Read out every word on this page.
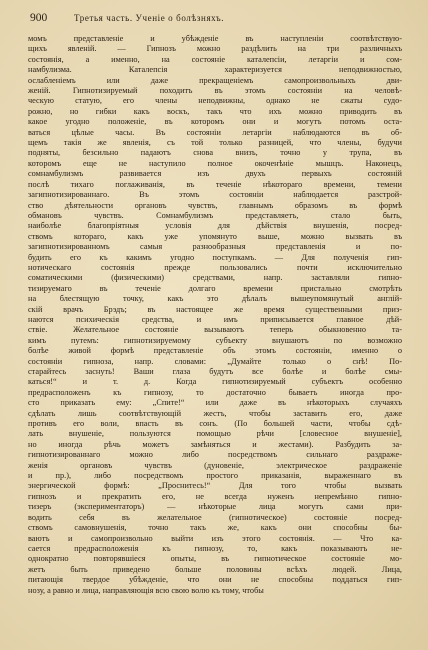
900	Третья часть. Ученіе о болѣзняхъ.
момъ представленіе и убѣжденіе въ наступленіи соотвѣтствую-
щихъ явленій. — Гипнозъ можно раздѣлить на три различныхъ
состоянія, а именно, на состояніе каталепсіи, летаргіи и сом-
намбулизма. Каталепсія характеризуется неподвижностью,
ослабленіемъ или даже прекращеніемъ самопроизвольныхъ дви-
женій. Гипнотизируемый походитъ въ этомъ состояніи на человѣ-
ческую статую, его члены неподвижны, однако не сжаты судо-
рожно, но гибки какъ воскъ, такъ что ихъ можно приводить въ
какое угодно положеніе, въ которомъ они и могутъ потомъ оста-
ваться цѣлые часы. Въ состояніи летаргіи наблюдаются въ об-
щемъ такія же явленія, съ той только разницей, что члены, будучи
подняты, безсильно падаютъ снова внизъ, точно у трупа, въ
которомъ еще не наступило полное окоченѣніе мышцъ. Наконецъ,
сомнамбулизмъ развивается изъ двухъ первыхъ состояній
послѣ тихаго поглаживанія, въ теченіе нѣкотораго времени, темени
загипнотизированнаго. Въ этомъ состояніи наблюдается разстрой-
ство дѣятельности органовъ чувствъ, главнымъ образомъ въ формѣ
обмановъ чувствъ. Сомнамбулизмъ представляетъ, стало быть,
наиболѣе благопріятныя условія для дѣйствія внушенія, посред-
ствомъ котораго, какъ уже упомянуто выше, можно вызвать въ
загипнотизированномъ самыя разнообразныя представленія и по-
будить его къ какимъ угодно поступкамъ. — Для полученія гип-
нотическаго состоянія прежде пользовались почти исключительно
соматическими (физическими) средствами, напр. заставляли гипно-
тизируемаго въ теченіе долгаго времени пристально смотрѣть
на блестящую точку, какъ это дѣлалъ вышеупомянутый англій-
скій врачъ Брэдъ; въ настоящее же время существенными приз-
наются психическія средства, и имъ приписывается главное дѣй-
ствіе. Желательное состояніе вызываютъ теперь обыкновенно та-
кимъ путемъ: гипнотизируемому субъекту внушаютъ по возможно
болѣе живой формѣ представленіе объ этомъ состояніи, именно о
состояніи гипноза, напр. словами: „Думайте только о снѣ! По-
старайтесь заснуть! Ваши глаза будутъ все болѣе и болѣе смы-
каться!“ и т. д. Когда гипнотизируемый субъектъ особенно
предрасположенъ къ гипнозу, то достаточно бываетъ иногда про-
сто приказать ему: „Спите!“ или даже въ нѣкоторыхъ случаяхъ
сдѣлать лишь соотвѣтствующій жестъ, чтобы заставить его, даже
противъ его воли, впасть въ сонъ. (По большей части, чтобы сдѣ-
лать внушеніе, пользуются помощью рѣчи [словесное внушеніе],
но иногда рѣчь можетъ замѣняться и жестами). Разбудить за-
гипнотизированнаго можно либо посредствомъ сильнаго раздраже-
женія органовъ чувствъ (дуновеніе, электрическое раздраженіе
и пр.), либо посредствомъ простого приказанія, выраженнаго въ
энергической формѣ: „Проснитесь!“ Для того чтобы вызвать
гипнозъ и прекратить его, не всегда нуженъ непремѣнно гипно-
тизеръ (экспериментаторъ) — нѣкоторые лица могутъ сами при-
водить себя въ желательное (гипнотическое) состояніе посред-
ствомъ самовнушенія, точно такъ же, какъ они способны бы-
ваютъ и самопроизвольно выйти изъ этого состоянія. — Что ка-
сается предрасположенія къ гипнозу, то, какъ показываютъ не-
однократно повторявшіеся опыты, въ гипнотическое состояніе мо-
жетъ быть приведено больше половины всѣхъ людей. Лица,
питающія твердое убѣжденіе, что они не способны поддаться гип-
нозу, а равно и лица, направляющія всю свою волю къ тому, чтобы
